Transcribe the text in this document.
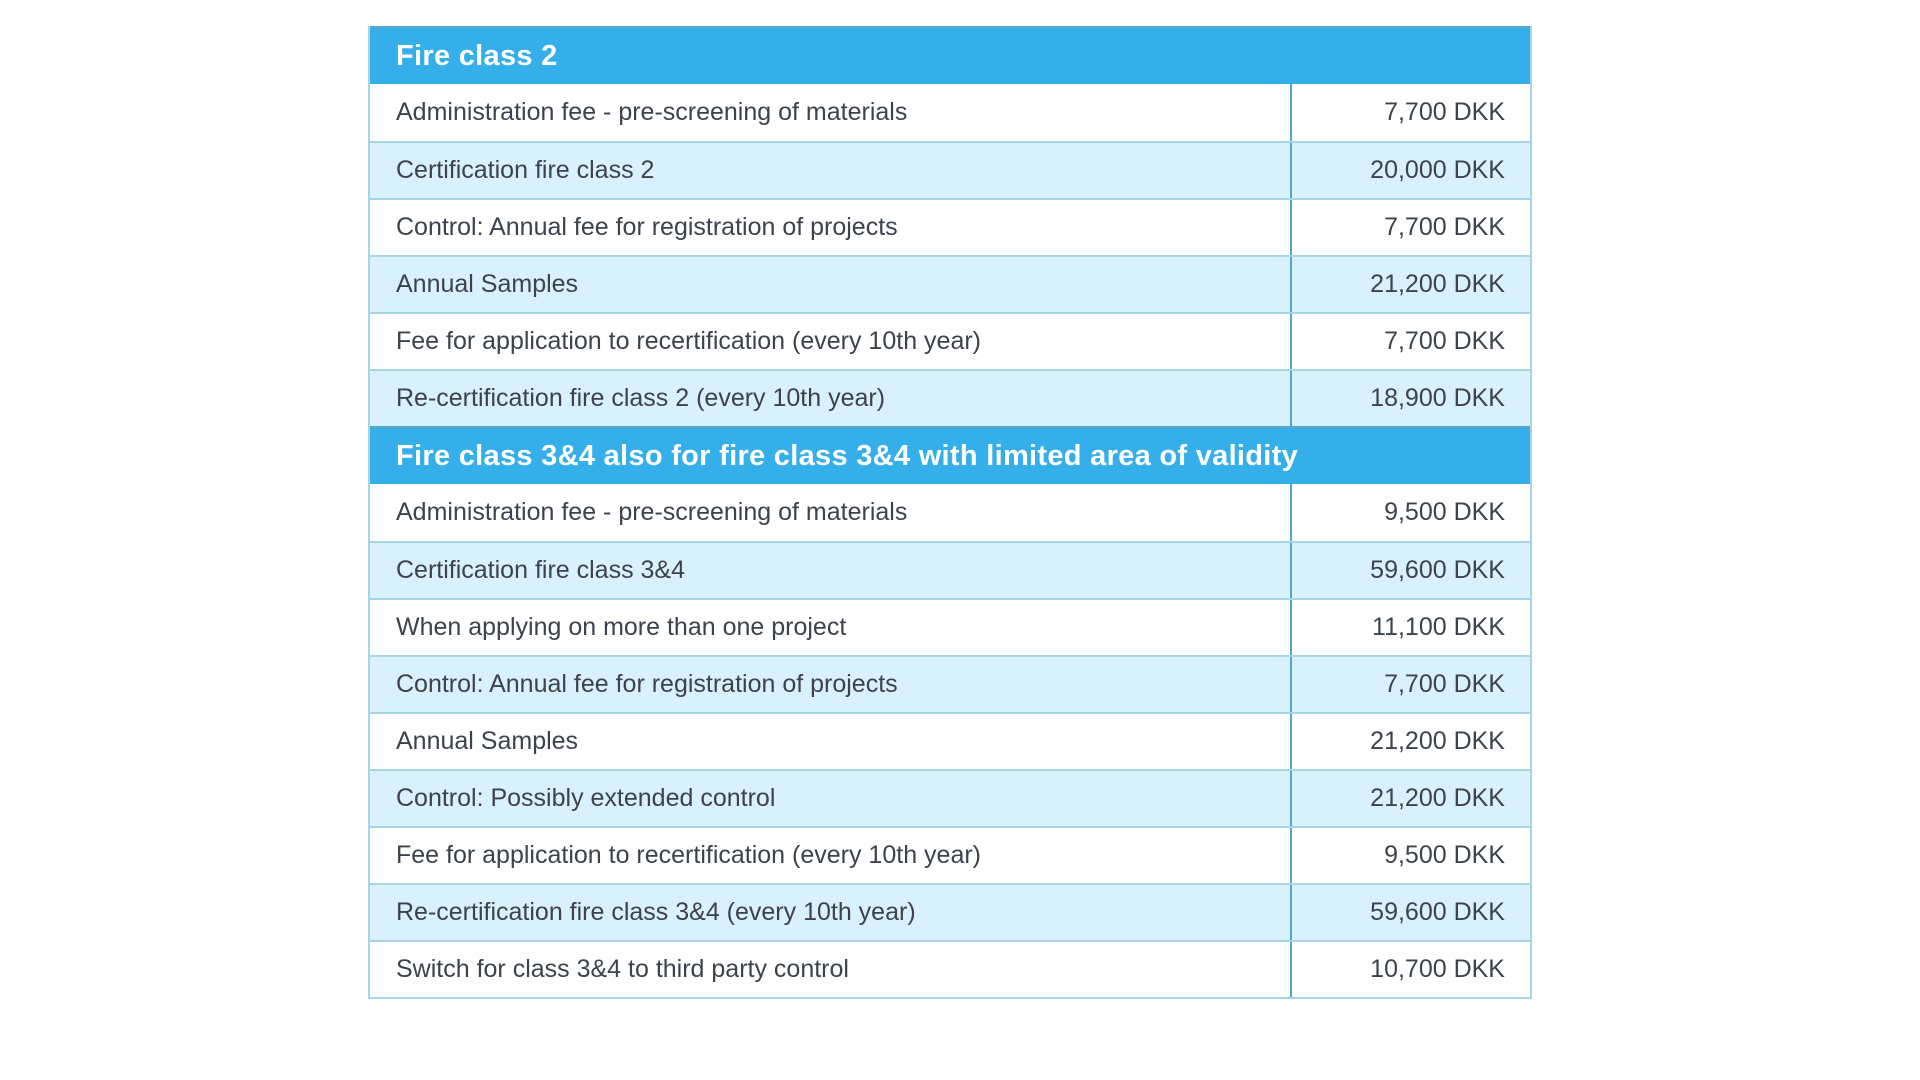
Fire class 2
Administration fee - pre-screening of materials	7,700 DKK
Certification fire class 2	20,000 DKK
Control: Annual fee for registration of projects	7,700 DKK
Annual Samples	21,200 DKK
Fee for application to recertification (every 10th year)	7,700 DKK
Re-certification fire class 2 (every 10th year)	18,900 DKK
Fire class 3&4 also for fire class 3&4 with limited area of validity
Administration fee - pre-screening of materials	9,500 DKK
Certification fire class 3&4	59,600 DKK
When applying on more than one project	11,100 DKK
Control: Annual fee for registration of projects	7,700 DKK
Annual Samples	21,200 DKK
Control: Possibly extended control	21,200 DKK
Fee for application to recertification (every 10th year)	9,500 DKK
Re-certification fire class 3&4 (every 10th year)	59,600 DKK
Switch for class 3&4 to third party control	10,700 DKK
